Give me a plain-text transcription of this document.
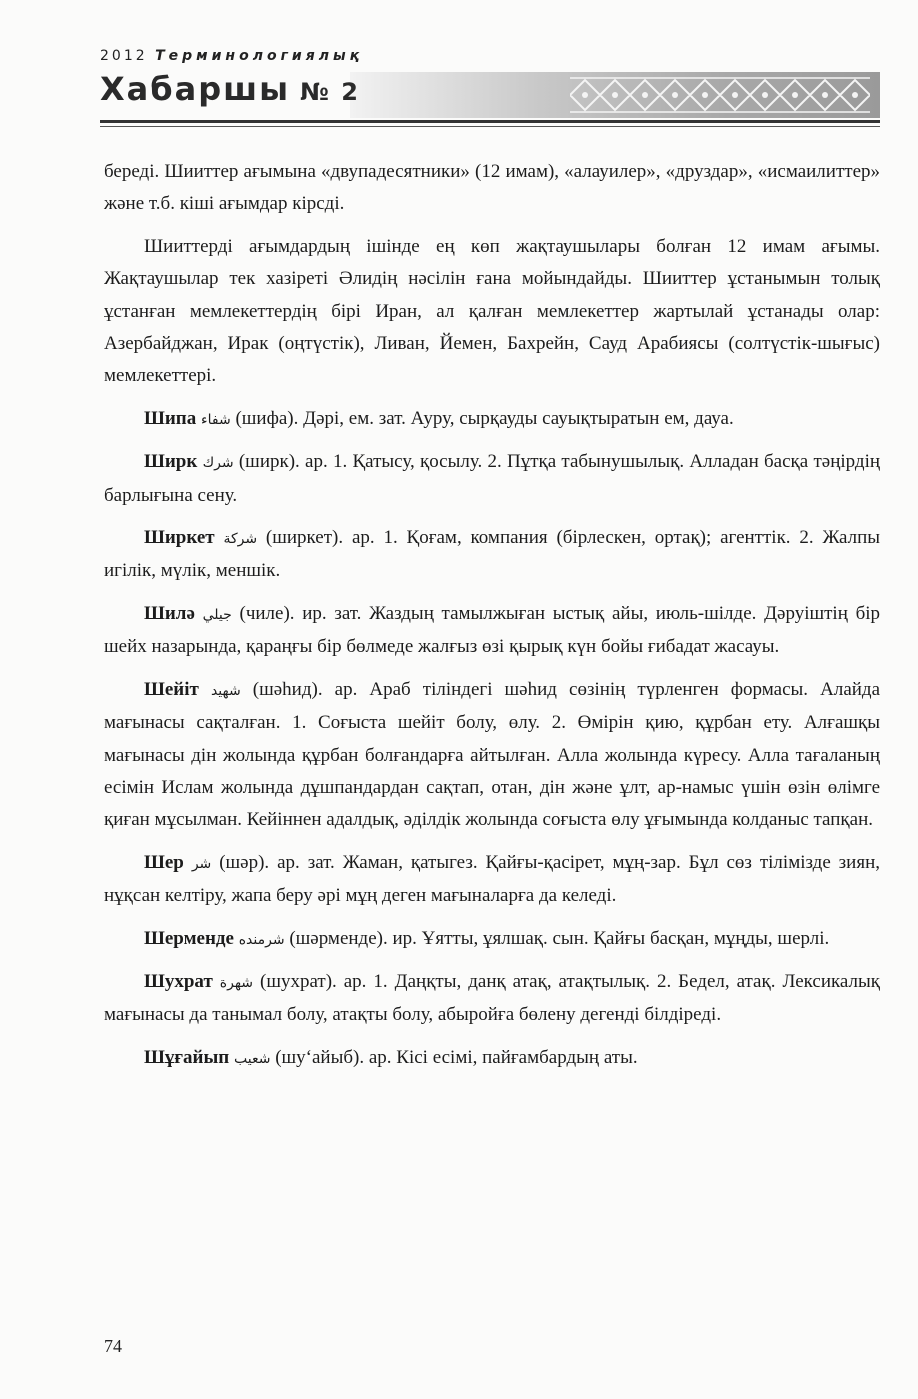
2012 Терминологиялық
Хабаршы № 2

береді. Шииттер ағымына «двупадесятники» (12 имам), «алауилер», «друздар», «исмаилиттер» және т.б. кіші ағымдар кірсді.

Шииттерді ағымдардың ішінде ең көп жақтаушылары болған 12 имам ағымы. Жақтаушылар тек хазіреті Әлидің нәсілін ғана мойындайды. Шииттер ұстанымын толық ұстанған мемлекеттердің бірі Иран, ал қалған мемлекеттер жартылай ұстанады олар: Азербайджан, Ирак (оңтүстік), Ливан, Йемен, Бахрейн, Сауд Арабиясы (солтүстік-шығыс) мемлекеттері.

Шипа شفاء (шифа). Дәрі, ем. зат. Ауру, сырқауды сауықтыратын ем, дауа.

Ширк شرك (ширк). ар. 1. Қатысу, қосылу. 2. Пұтқа табынушылық. Алладан басқа тәңірдің барлығына сену.

Ширкет شركة (ширкет). ар. 1. Қоғам, компания (бірлескен, ортақ); агенттік. 2. Жалпы игілік, мүлік, меншік.

Шилә جيلي (чиле). ир. зат. Жаздың тамылжыған ыстық айы, июль-шілде. Дәруіштің бір шейх назарында, қараңғы бір бөлмеде жалғыз өзі қырық күн бойы ғибадат жасауы.

Шейіт شهيد (шәһид). ар. Араб тіліндегі шәһид сөзінің түрленген формасы. Алайда мағынасы сақталған. 1. Соғыста шейіт болу, өлу. 2. Өмірін қию, құрбан ету. Алғашқы мағынасы дін жолында құрбан болғандарға айтылған. Алла жолында күресу. Алла тағаланың есімін Ислам жолында дұшпандардан сақтап, отан, дін және ұлт, ар-намыс үшін өзін өлімге қиған мұсылман. Кейіннен адалдық, әділдік жолында соғыста өлу ұғымында колданыс тапқан.

Шер شر (шәр). ар. зат. Жаман, қатыгез. Қайғы-қасірет, мұң-зар. Бұл сөз тілімізде зиян, нұқсан келтіру, жапа беру әрі мұң деген мағыналарға да келеді.

Шерменде شرمنده (шәрменде). ир. Ұятты, ұялшақ. сын. Қайғы басқан, мұңды, шерлі.

Шухрат شهرة (шухрат). ар. 1. Даңқты, данқ атақ, атақтылық. 2. Бедел, атақ. Лексикалық мағынасы да танымал болу, атақты болу, абыройға бөлену дегенді білдіреді.

Шұғайып شعيب (шу‘айыб). ар. Кісі есімі, пайғамбардың аты.

74
